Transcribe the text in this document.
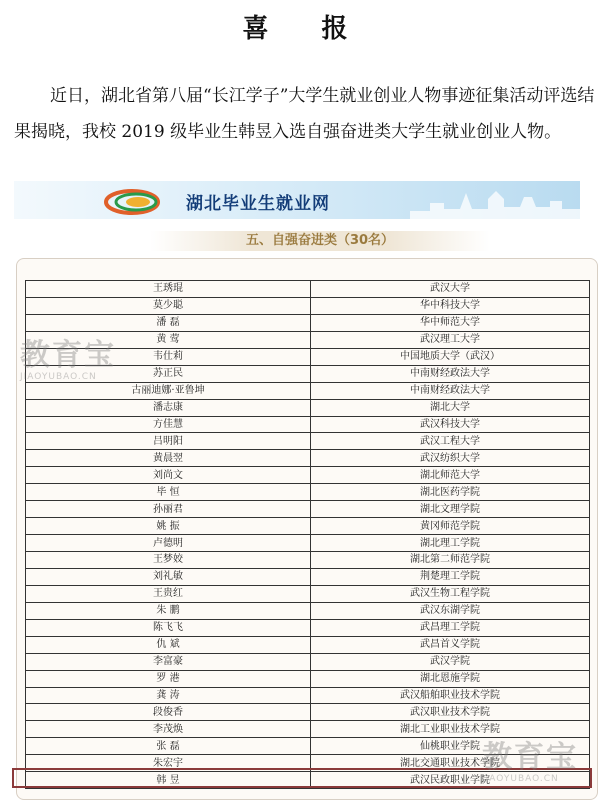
喜 报
近日，湖北省第八届“长江学子”大学生就业创业人物事迹征集活动评选结果揭晓，我校 2019 级毕业生韩昱入选自强奋进类大学生就业创业人物。
湖北毕业生就业网
五、自强奋进类（30名）
王琇琨	武汉大学
莫少聪	华中科技大学
潘 磊	华中师范大学
黄 莺	武汉理工大学
韦仕莉	中国地质大学（武汉）
苏正民	中南财经政法大学
古丽迪娜·亚鲁坤	中南财经政法大学
潘志康	湖北大学
方佳慧	武汉科技大学
吕明阳	武汉工程大学
黄晨翌	武汉纺织大学
刘尚文	湖北师范大学
毕 恒	湖北医药学院
孙丽君	湖北文理学院
姚 振	黄冈师范学院
卢德明	湖北理工学院
王梦姣	湖北第二师范学院
刘礼敏	荆楚理工学院
王贵红	武汉生物工程学院
朱 鹏	武汉东湖学院
陈飞飞	武昌理工学院
仇 斌	武昌首义学院
李富豪	武汉学院
罗 港	湖北恩施学院
龚 涛	武汉船舶职业技术学院
段俊香	武汉职业技术学院
李茂焕	湖北工业职业技术学院
张 磊	仙桃职业学院
朱宏宇	湖北交通职业技术学院
韩 昱	武汉民政职业学院
教育宝
JIAOYUBAO.CN
教育宝
JIAOYUBAO.CN
